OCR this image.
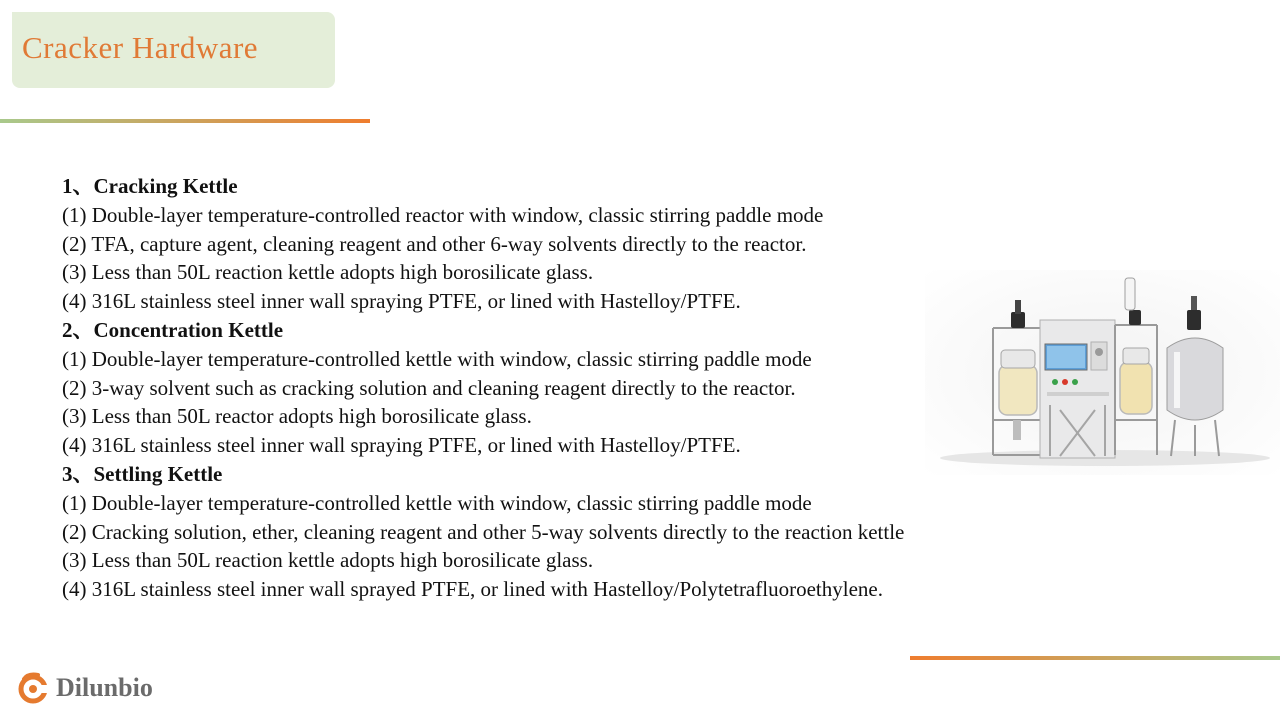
Cracker Hardware
1、Cracking Kettle
(1) Double-layer temperature-controlled reactor with window, classic stirring paddle mode
(2) TFA, capture agent, cleaning reagent and other 6-way solvents directly to the reactor.
(3) Less than 50L reaction kettle adopts high borosilicate glass.
(4) 316L stainless steel inner wall spraying PTFE, or lined with Hastelloy/PTFE.
2、Concentration Kettle
(1) Double-layer temperature-controlled kettle with window, classic stirring paddle mode
(2) 3-way solvent such as cracking solution and cleaning reagent directly to the reactor.
(3) Less than 50L reactor adopts high borosilicate glass.
(4) 316L stainless steel inner wall spraying PTFE, or lined with Hastelloy/PTFE.
3、Settling Kettle
(1) Double-layer temperature-controlled kettle with window, classic stirring paddle mode
(2) Cracking solution, ether, cleaning reagent and other 5-way solvents directly to the reaction kettle
(3) Less than 50L reaction kettle adopts high borosilicate glass.
(4) 316L stainless steel inner wall sprayed PTFE, or lined with Hastelloy/Polytetrafluoroethylene.
Dilunbio
